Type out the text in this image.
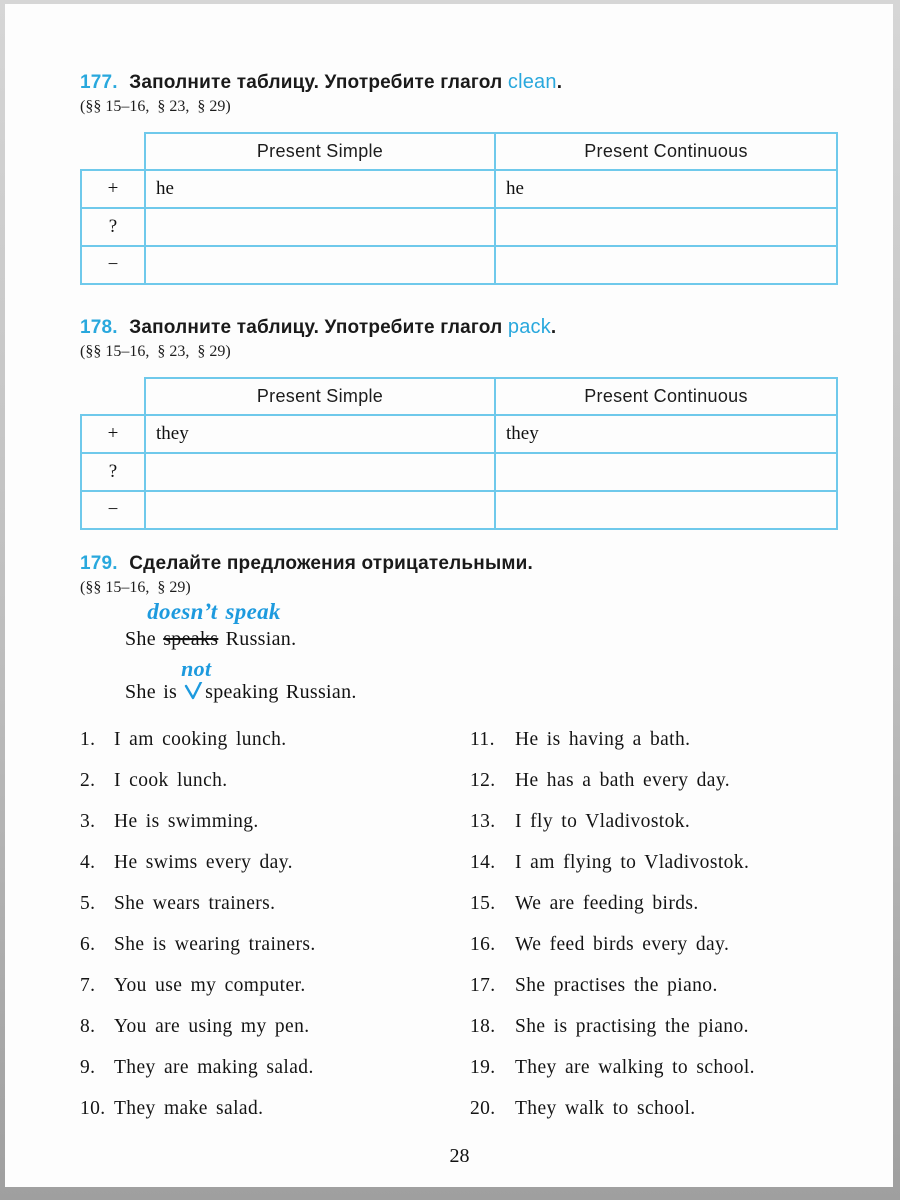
177. Заполните таблицу. Употребите глагол clean.
(§§ 15–16,  § 23,  § 29)
	Present Simple	Present Continuous
+	he	he
?		
−		
178. Заполните таблицу. Употребите глагол pack.
(§§ 15–16,  § 23,  § 29)
	Present Simple	Present Continuous
+	they	they
?		
−		
179. Сделайте предложения отрицательными.
(§§ 15–16,  § 29)
She
doesn’t speak
speaks Russian.
She is
not
speaking Russian.
1. I am cooking lunch.
2. I cook lunch.
3. He is swimming.
4. He swims every day.
5. She wears trainers.
6. She is wearing trainers.
7. You use my computer.
8. You are using my pen.
9. They are making salad.
10. They make salad.
11. He is having a bath.
12. He has a bath every day.
13. I fly to Vladivostok.
14. I am flying to Vladivostok.
15. We are feeding birds.
16. We feed birds every day.
17. She practises the piano.
18. She is practising the piano.
19. They are walking to school.
20. They walk to school.
28
